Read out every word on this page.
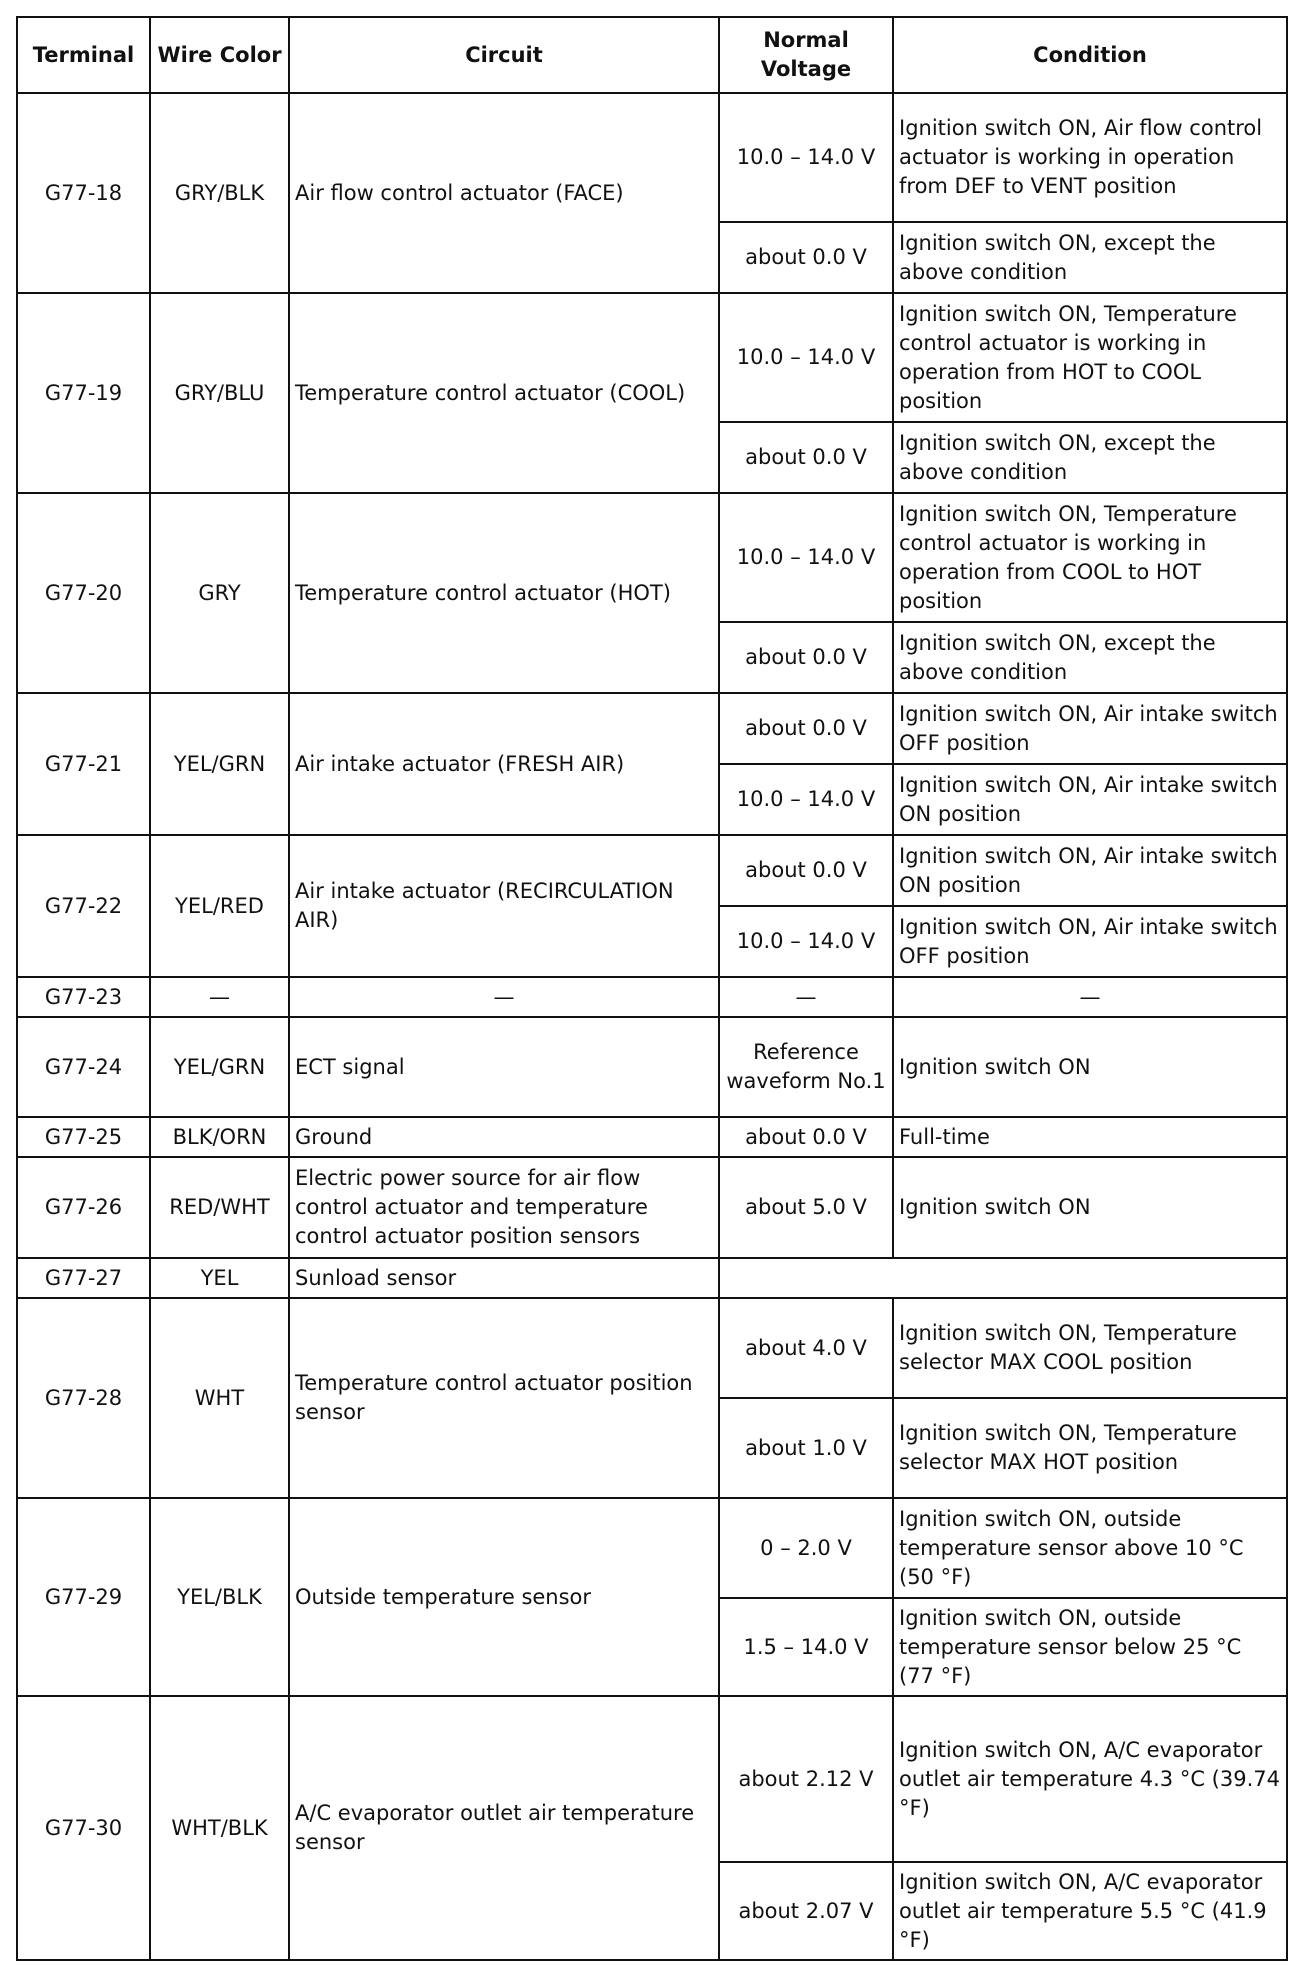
Terminal	Wire Color	Circuit	Normal Voltage	Condition
G77-18	GRY/BLK	Air flow control actuator (FACE)	10.0 – 14.0 V	Ignition switch ON, Air flow control actuator is working in operation from DEF to VENT position
			about 0.0 V	Ignition switch ON, except the above condition
G77-19	GRY/BLU	Temperature control actuator (COOL)	10.0 – 14.0 V	Ignition switch ON, Temperature control actuator is working in operation from HOT to COOL position
			about 0.0 V	Ignition switch ON, except the above condition
G77-20	GRY	Temperature control actuator (HOT)	10.0 – 14.0 V	Ignition switch ON, Temperature control actuator is working in operation from COOL to HOT position
			about 0.0 V	Ignition switch ON, except the above condition
G77-21	YEL/GRN	Air intake actuator (FRESH AIR)	about 0.0 V	Ignition switch ON, Air intake switch OFF position
			10.0 – 14.0 V	Ignition switch ON, Air intake switch ON position
G77-22	YEL/RED	Air intake actuator (RECIRCULATION AIR)	about 0.0 V	Ignition switch ON, Air intake switch ON position
			10.0 – 14.0 V	Ignition switch ON, Air intake switch OFF position
G77-23	—	—	—	—
G77-24	YEL/GRN	ECT signal	Reference waveform No.1	Ignition switch ON
G77-25	BLK/ORN	Ground	about 0.0 V	Full-time
G77-26	RED/WHT	Electric power source for air flow control actuator and temperature control actuator position sensors	about 5.0 V	Ignition switch ON
G77-27	YEL	Sunload sensor		
G77-28	WHT	Temperature control actuator position sensor	about 4.0 V	Ignition switch ON, Temperature selector MAX COOL position
			about 1.0 V	Ignition switch ON, Temperature selector MAX HOT position
G77-29	YEL/BLK	Outside temperature sensor	0 – 2.0 V	Ignition switch ON, outside temperature sensor above 10 °C (50 °F)
			1.5 – 14.0 V	Ignition switch ON, outside temperature sensor below 25 °C (77 °F)
G77-30	WHT/BLK	A/C evaporator outlet air temperature sensor	about 2.12 V	Ignition switch ON, A/C evaporator outlet air temperature 4.3 °C (39.74 °F)
			about 2.07 V	Ignition switch ON, A/C evaporator outlet air temperature 5.5 °C (41.9 °F)
